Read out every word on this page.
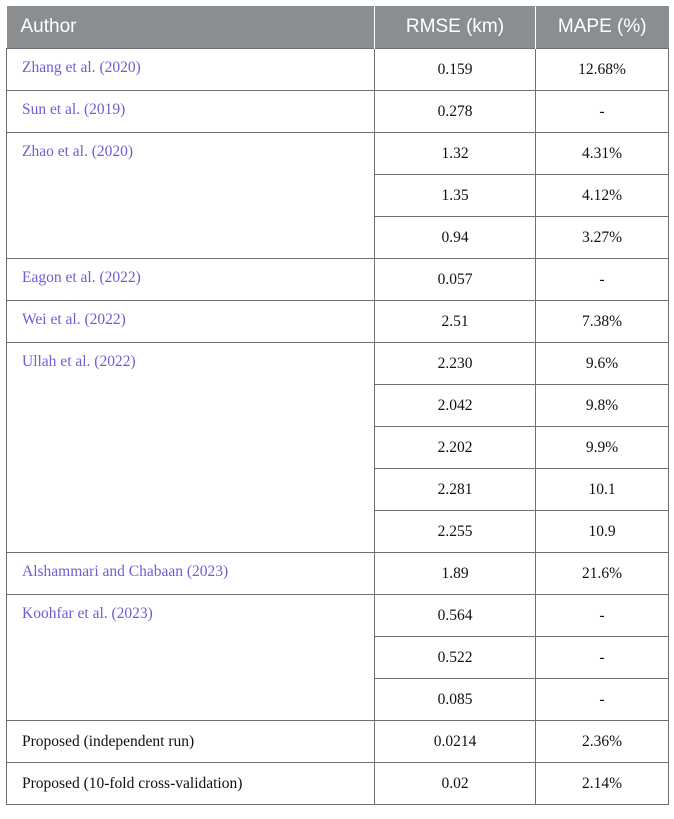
Author	RMSE (km)	MAPE (%)
Zhang et al. (2020)	0.159	12.68%
Sun et al. (2019)	0.278	-
Zhao et al. (2020)	1.32	4.31%
	1.35	4.12%
	0.94	3.27%
Eagon et al. (2022)	0.057	-
Wei et al. (2022)	2.51	7.38%
Ullah et al. (2022)	2.230	9.6%
	2.042	9.8%
	2.202	9.9%
	2.281	10.1
	2.255	10.9
Alshammari and Chabaan (2023)	1.89	21.6%
Koohfar et al. (2023)	0.564	-
	0.522	-
	0.085	-
Proposed (independent run)	0.0214	2.36%
Proposed (10-fold cross-validation)	0.02	2.14%
